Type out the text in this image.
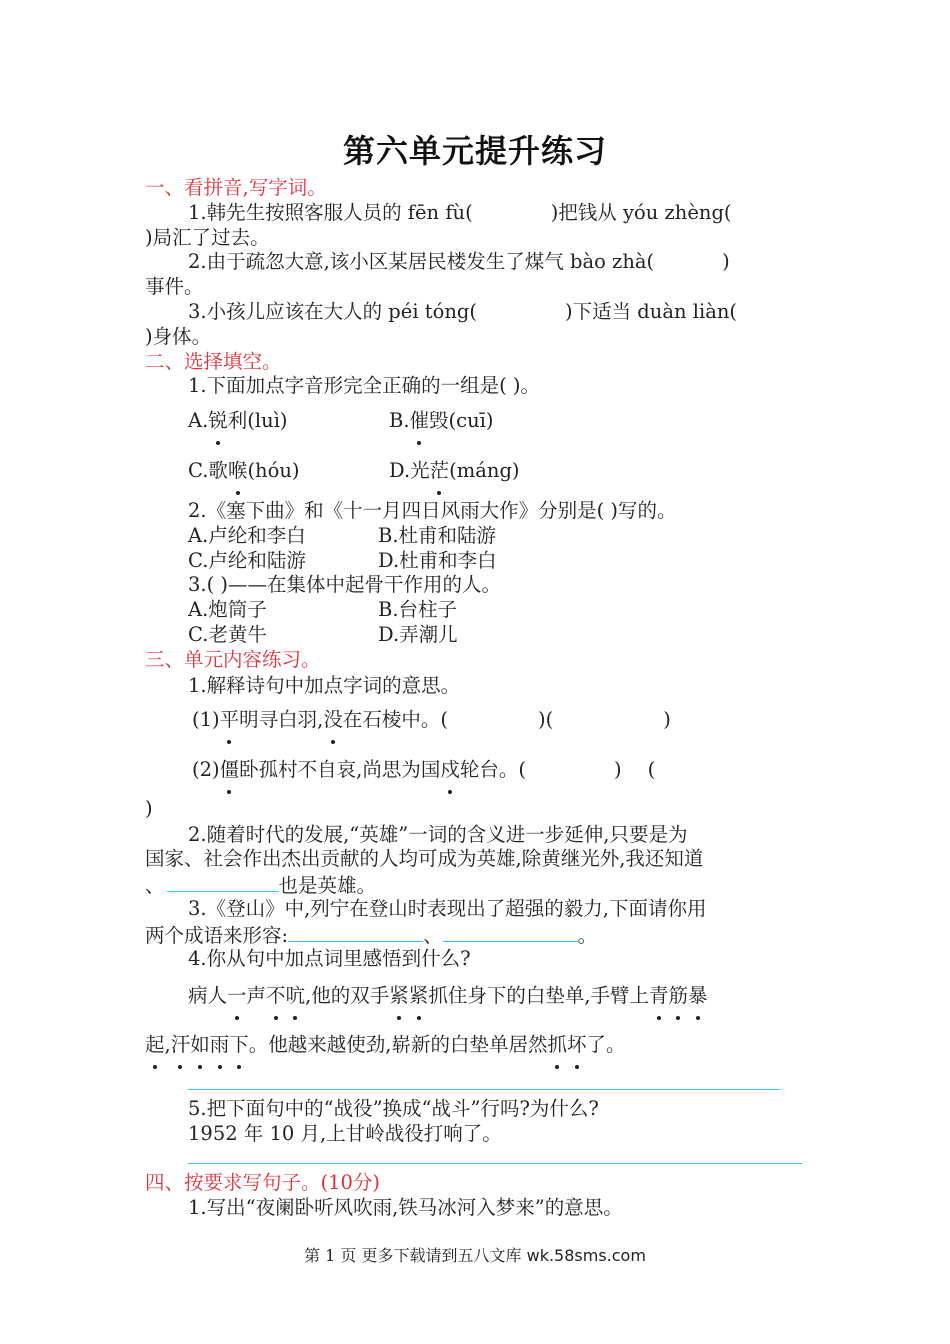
第六单元提升练习
一、看拼音,写字词。
1.韩先生按照客服人员的 fēn fù(	)把钱从 yóu zhèng(
)局汇了过去。
2.由于疏忽大意,该小区某居民楼发生了煤气 bào zhà(	)
事件。
3.小孩儿应该在大人的 péi tóng(	)下适当 duàn liàn(
)身体。
二、选择填空。
1.下面加点字音形完全正确的一组是( )。
A.锐利(luì)	B.催毁(cuī)
C.歌喉(hóu)	D.光茫(máng)
2.《塞下曲》和《十一月四日风雨大作》分别是( )写的。
A.卢纶和李白	B.杜甫和陆游
C.卢纶和陆游	D.杜甫和李白
3.( )——在集体中起骨干作用的人。
A.炮筒子	B.台柱子
C.老黄牛	D.弄潮儿
三、单元内容练习。
1.解释诗句中加点字词的意思。
(1)平明寻白羽,没在石棱中。(	)(	)
(2)僵卧孤村不自哀,尚思为国戍轮台。(	) (
)
2.随着时代的发展,“英雄”一词的含义进一步延伸,只要是为
国家、社会作出杰出贡献的人均可成为英雄,除黄继光外,我还知道
、	也是英雄。
3.《登山》中,列宁在登山时表现出了超强的毅力,下面请你用
两个成语来形容:	、	。
4.你从句中加点词里感悟到什么?
病人一声不吭,他的双手紧紧抓住身下的白垫单,手臂上青筋暴
起,汗如雨下。他越来越使劲,崭新的白垫单居然抓坏了。
5.把下面句中的“战役”换成“战斗”行吗?为什么?
1952 年 10 月,上甘岭战役打响了。
四、按要求写句子。(10分)
1.写出“夜阑卧听风吹雨,铁马冰河入梦来”的意思。
第 1 页 更多下载请到五八文库 wk.58sms.com
